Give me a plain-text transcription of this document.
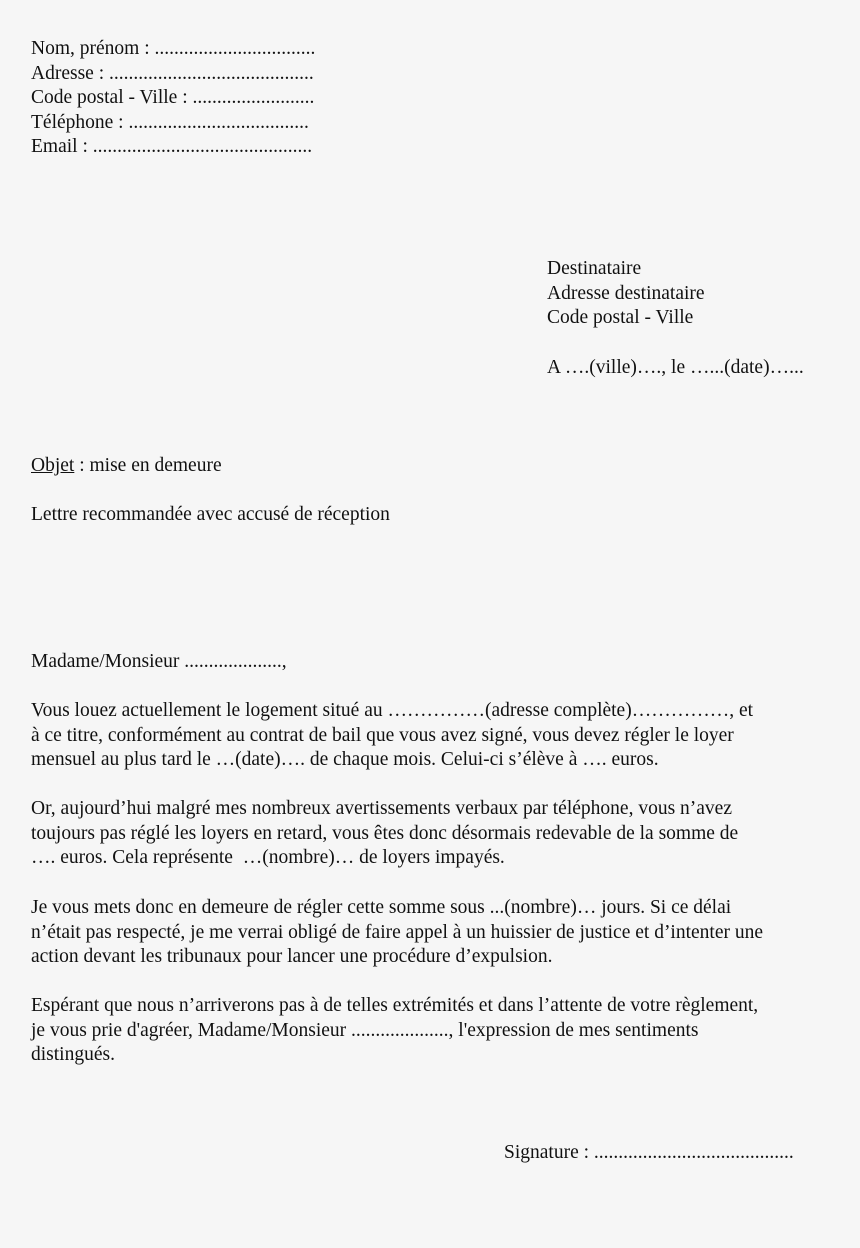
Nom, prénom : .................................
Adresse : ..........................................
Code postal - Ville : .........................
Téléphone : .....................................
Email : .............................................
Destinataire
Adresse destinataire
Code postal - Ville
A ….(ville)…., le …...(date)…...
Objet : mise en demeure
Lettre recommandée avec accusé de réception
Madame/Monsieur ....................,
Vous louez actuellement le logement situé au ……………(adresse complète)……………, et
à ce titre, conformément au contrat de bail que vous avez signé, vous devez régler le loyer
mensuel au plus tard le …(date)…. de chaque mois. Celui-ci s’élève à …. euros.
Or, aujourd’hui malgré mes nombreux avertissements verbaux par téléphone, vous n’avez
toujours pas réglé les loyers en retard, vous êtes donc désormais redevable de la somme de
…. euros. Cela représente  …(nombre)… de loyers impayés.
Je vous mets donc en demeure de régler cette somme sous ...(nombre)… jours. Si ce délai
n’était pas respecté, je me verrai obligé de faire appel à un huissier de justice et d’intenter une
action devant les tribunaux pour lancer une procédure d’expulsion.
Espérant que nous n’arriverons pas à de telles extrémités et dans l’attente de votre règlement,
je vous prie d'agréer, Madame/Monsieur ...................., l'expression de mes sentiments
distingués.
Signature : .........................................
